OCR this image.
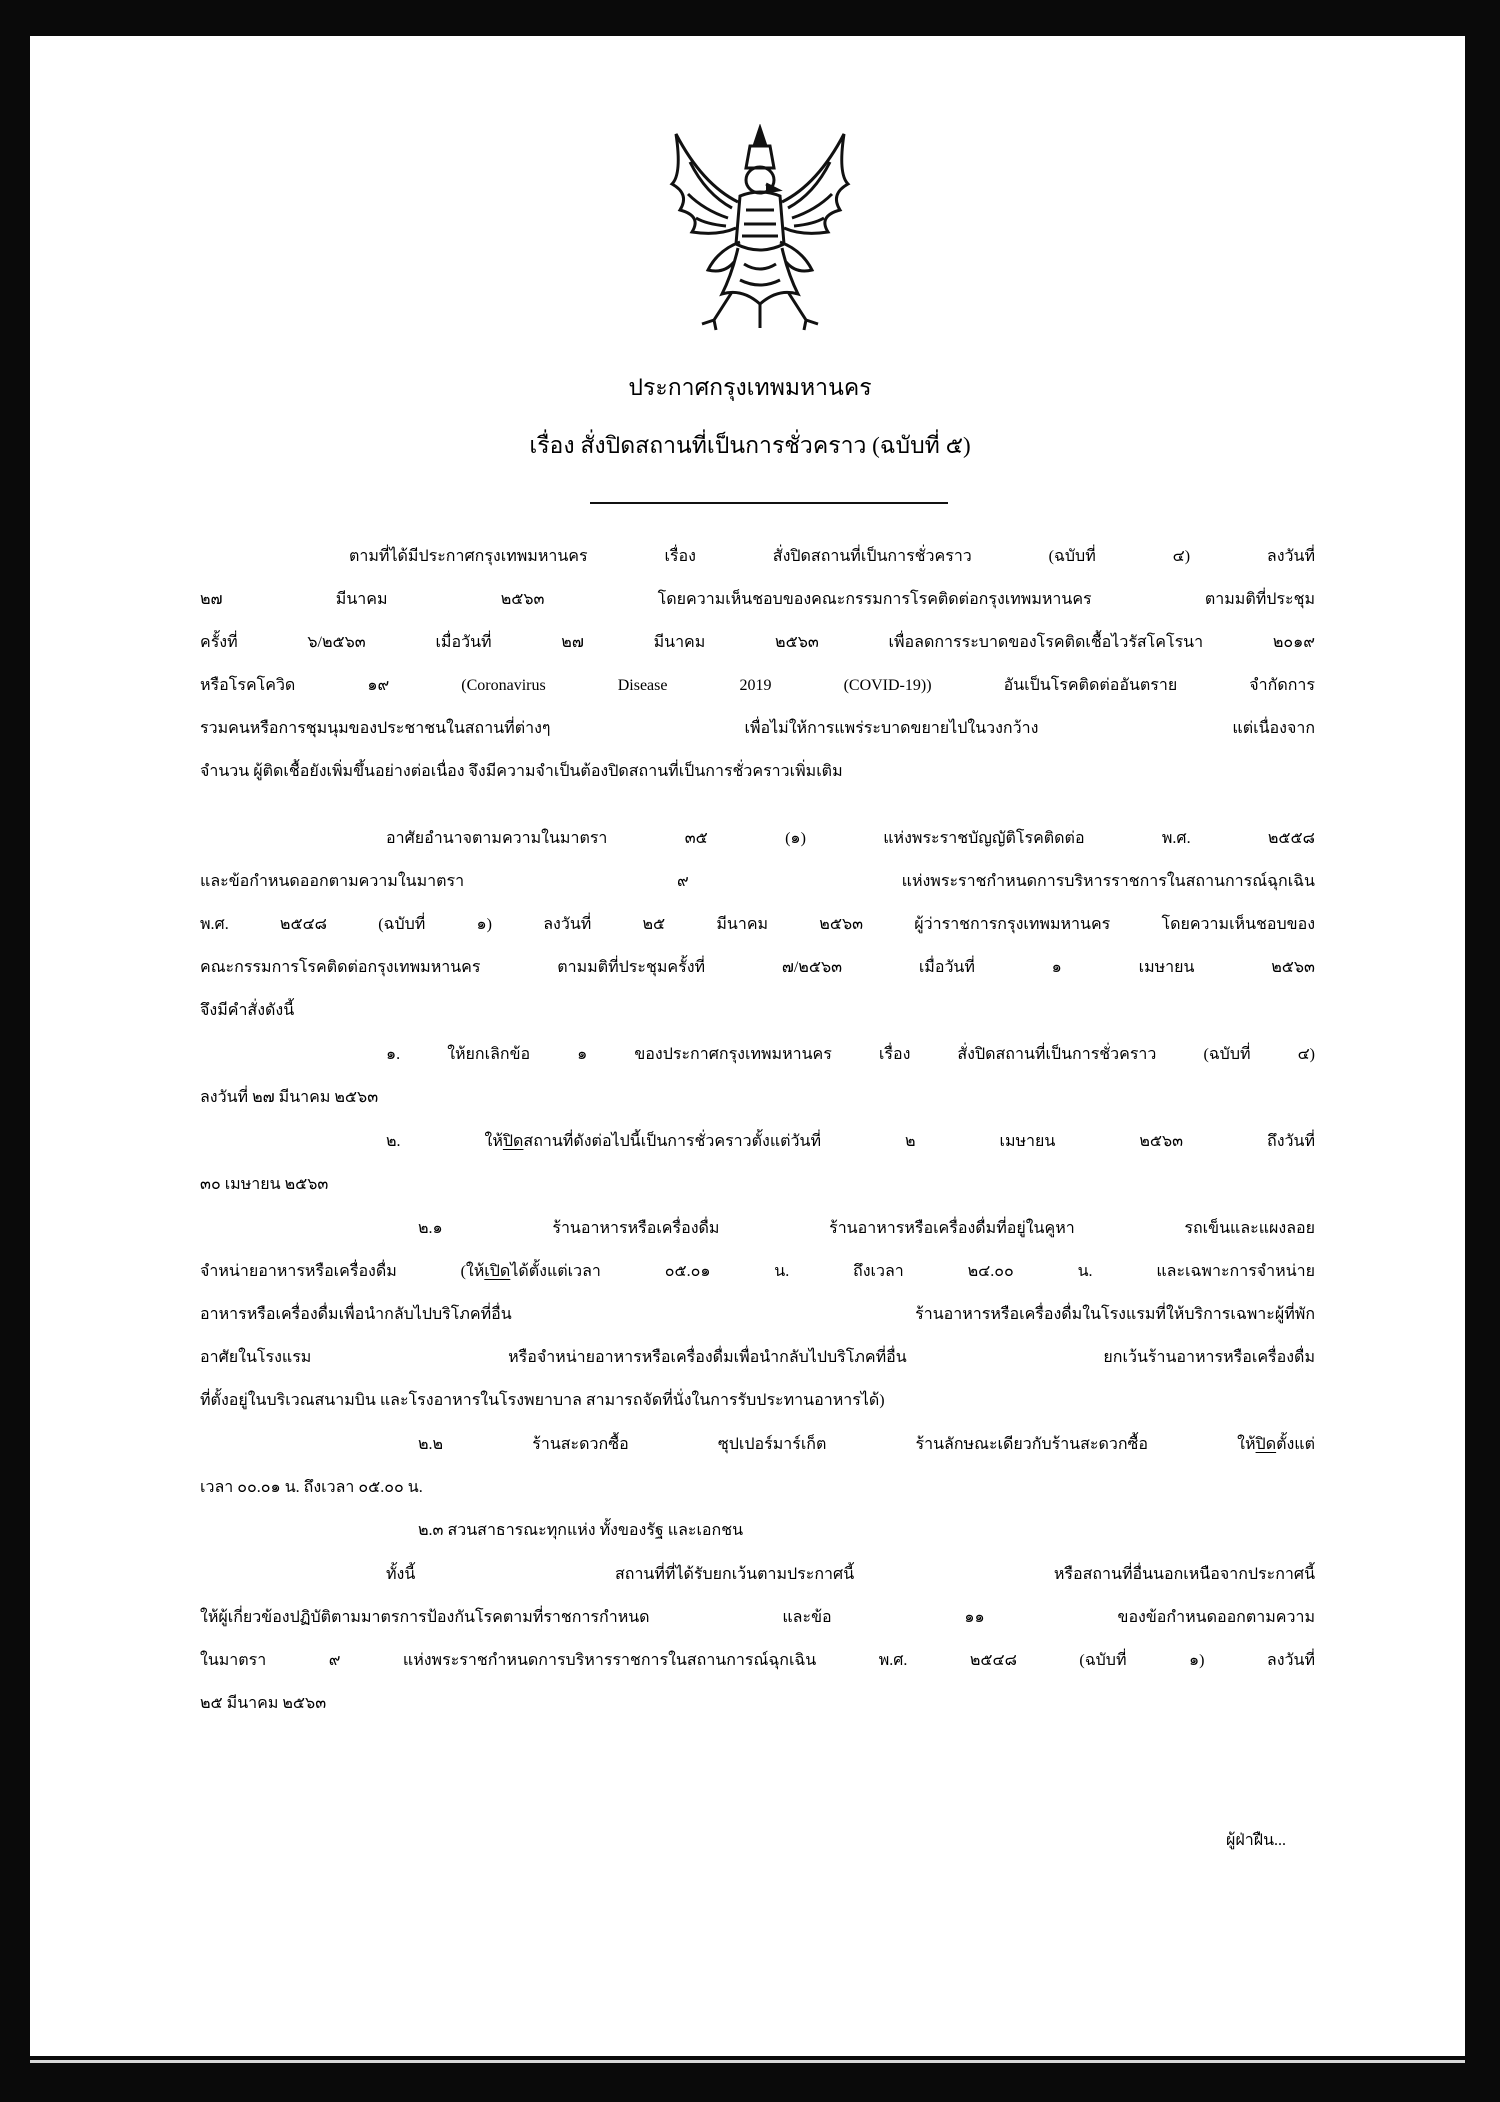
ประกาศกรุงเทพมหานคร
เรื่อง สั่งปิดสถานที่เป็นการชั่วคราว (ฉบับที่ ๕)
ตามที่ได้มีประกาศกรุงเทพมหานคร เรื่อง สั่งปิดสถานที่เป็นการชั่วคราว (ฉบับที่ ๔) ลงวันที่
๒๗ มีนาคม ๒๕๖๓ โดยความเห็นชอบของคณะกรรมการโรคติดต่อกรุงเทพมหานคร ตามมติที่ประชุม
ครั้งที่ ๖/๒๕๖๓ เมื่อวันที่ ๒๗ มีนาคม ๒๕๖๓ เพื่อลดการระบาดของโรคติดเชื้อไวรัสโคโรนา ๒๐๑๙
หรือโรคโควิด ๑๙ (Coronavirus Disease 2019 (COVID-19)) อันเป็นโรคติดต่ออันตราย จำกัดการ
รวมคนหรือการชุมนุมของประชาชนในสถานที่ต่างๆ เพื่อไม่ให้การแพร่ระบาดขยายไปในวงกว้าง แต่เนื่องจาก
จำนวน ผู้ติดเชื้อยังเพิ่มขึ้นอย่างต่อเนื่อง จึงมีความจำเป็นต้องปิดสถานที่เป็นการชั่วคราวเพิ่มเติม
อาศัยอำนาจตามความในมาตรา ๓๕ (๑) แห่งพระราชบัญญัติโรคติดต่อ พ.ศ. ๒๕๕๘
และข้อกำหนดออกตามความในมาตรา ๙ แห่งพระราชกำหนดการบริหารราชการในสถานการณ์ฉุกเฉิน
พ.ศ. ๒๕๔๘ (ฉบับที่ ๑) ลงวันที่ ๒๕ มีนาคม ๒๕๖๓ ผู้ว่าราชการกรุงเทพมหานคร โดยความเห็นชอบของ
คณะกรรมการโรคติดต่อกรุงเทพมหานคร ตามมติที่ประชุมครั้งที่ ๗/๒๕๖๓ เมื่อวันที่ ๑ เมษายน ๒๕๖๓
จึงมีคำสั่งดังนี้
๑. ให้ยกเลิกข้อ ๑ ของประกาศกรุงเทพมหานคร เรื่อง สั่งปิดสถานที่เป็นการชั่วคราว (ฉบับที่ ๔)
ลงวันที่ ๒๗ มีนาคม ๒๕๖๓
๒. ให้ปิดสถานที่ดังต่อไปนี้เป็นการชั่วคราวตั้งแต่วันที่ ๒ เมษายน ๒๕๖๓ ถึงวันที่
๓๐ เมษายน ๒๕๖๓
๒.๑ ร้านอาหารหรือเครื่องดื่ม ร้านอาหารหรือเครื่องดื่มที่อยู่ในคูหา รถเข็นและแผงลอย
จำหน่ายอาหารหรือเครื่องดื่ม (ให้เปิดได้ตั้งแต่เวลา ๐๕.๐๑ น. ถึงเวลา ๒๔.๐๐ น. และเฉพาะการจำหน่าย
อาหารหรือเครื่องดื่มเพื่อนำกลับไปบริโภคที่อื่น ร้านอาหารหรือเครื่องดื่มในโรงแรมที่ให้บริการเฉพาะผู้ที่พัก
อาศัยในโรงแรม หรือจำหน่ายอาหารหรือเครื่องดื่มเพื่อนำกลับไปบริโภคที่อื่น ยกเว้นร้านอาหารหรือเครื่องดื่ม
ที่ตั้งอยู่ในบริเวณสนามบิน และโรงอาหารในโรงพยาบาล สามารถจัดที่นั่งในการรับประทานอาหารได้)
๒.๒ ร้านสะดวกซื้อ ซุปเปอร์มาร์เก็ต ร้านลักษณะเดียวกับร้านสะดวกซื้อ ให้ปิดตั้งแต่
เวลา ๐๐.๐๑ น. ถึงเวลา ๐๕.๐๐ น.
๒.๓ สวนสาธารณะทุกแห่ง ทั้งของรัฐ และเอกชน
ทั้งนี้ สถานที่ที่ได้รับยกเว้นตามประกาศนี้ หรือสถานที่อื่นนอกเหนือจากประกาศนี้
ให้ผู้เกี่ยวข้องปฏิบัติตามมาตรการป้องกันโรคตามที่ราชการกำหนด และข้อ ๑๑ ของข้อกำหนดออกตามความ
ในมาตรา ๙ แห่งพระราชกำหนดการบริหารราชการในสถานการณ์ฉุกเฉิน พ.ศ. ๒๕๔๘ (ฉบับที่ ๑) ลงวันที่
๒๕ มีนาคม ๒๕๖๓
ผู้ฝ่าฝืน...
